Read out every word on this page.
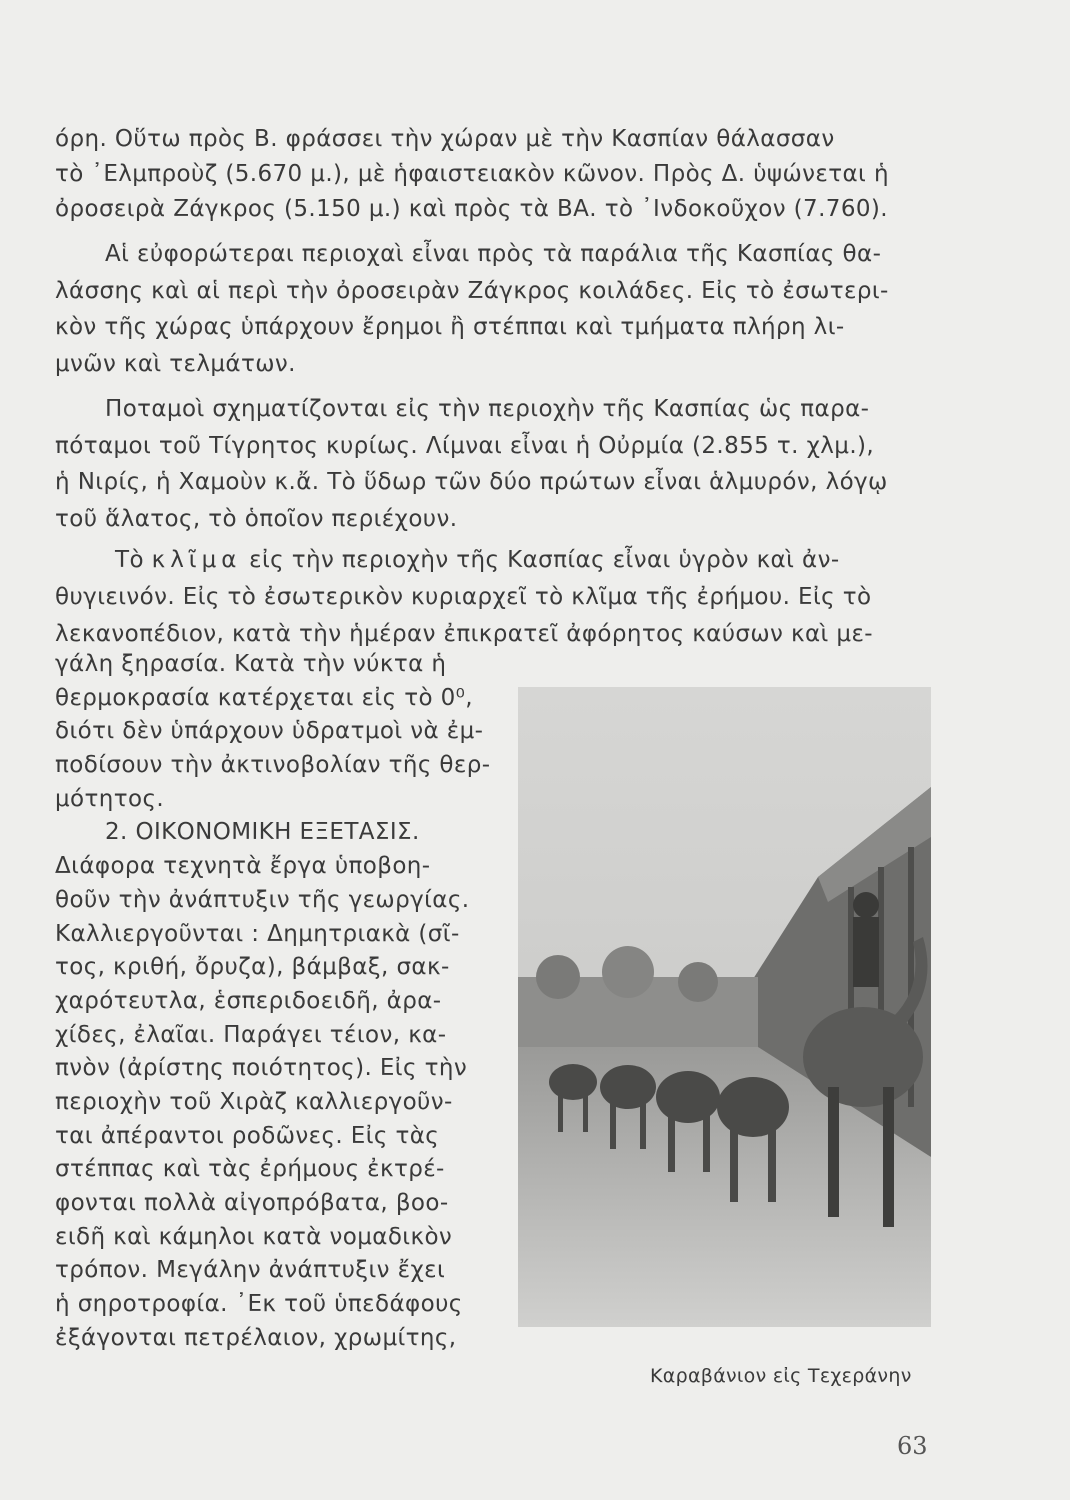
όρη. Οὕτω πρὸς Β. φράσσει τὴν χώραν μὲ τὴν Κασπίαν θάλασσαν
τὸ ᾿Ελμπροὺζ (5.670 μ.), μὲ ἡφαιστειακὸν κῶνον. Πρὸς Δ. ὑψώνεται ἡ
ὀροσειρὰ Ζάγκρος (5.150 μ.) καὶ πρὸς τὰ ΒΑ. τὸ ᾿Ινδοκοῦχον (7.760).
Αἱ εὐφορώτεραι περιοχαὶ εἶναι πρὸς τὰ παράλια τῆς Κασπίας θα-
λάσσης καὶ αἱ περὶ τὴν ὀροσειρὰν Ζάγκρος κοιλάδες. Εἰς τὸ ἐσωτερι-
κὸν τῆς χώρας ὑπάρχουν ἔρημοι ἢ στέππαι καὶ τμήματα πλήρη λι-
μνῶν καὶ τελμάτων.
Ποταμοὶ σχηματίζονται εἰς τὴν περιοχὴν τῆς Κασπίας ὡς παρα-
πόταμοι τοῦ Τίγρητος κυρίως. Λίμναι εἶναι ἡ Οὐρμία (2.855 τ. χλμ.),
ἡ Νιρίς, ἡ Χαμοὺν κ.ἄ. Τὸ ὕδωρ τῶν δύο πρώτων εἶναι ἁλμυρόν, λόγῳ
τοῦ ἅλατος, τὸ ὁποῖον περιέχουν.
Τὸ κλῖμα εἰς τὴν περιοχὴν τῆς Κασπίας εἶναι ὑγρὸν καὶ ἀν-
θυγιεινόν. Εἰς τὸ ἐσωτερικὸν κυριαρχεῖ τὸ κλῖμα τῆς ἐρήμου. Εἰς τὸ
λεκανοπέδιον, κατὰ τὴν ἡμέραν ἐπικρατεῖ ἀφόρητος καύσων καὶ με-
γάλη ξηρασία. Κατὰ τὴν νύκτα ἡ
θερμοκρασία κατέρχεται εἰς τὸ 0⁰,
διότι δὲν ὑπάρχουν ὑδρατμοὶ νὰ ἐμ-
ποδίσουν τὴν ἀκτινοβολίαν τῆς θερ-
μότητος.
2. ΟΙΚΟΝΟΜΙΚΗ ΕΞΕΤΑΣΙΣ.
Διάφορα τεχνητὰ ἔργα ὑποβοη-
θοῦν τὴν ἀνάπτυξιν τῆς γεωργίας.
Καλλιεργοῦνται : Δημητριακὰ (σῖ-
τος, κριθή, ὄρυζα), βάμβαξ, σακ-
χαρότευτλα, ἑσπεριδοειδῆ, ἀρα-
χίδες, ἐλαῖαι. Παράγει τέιον, κα-
πνὸν (ἀρίστης ποιότητος). Εἰς τὴν
περιοχὴν τοῦ Χιρὰζ καλλιεργοῦν-
ται ἀπέραντοι ροδῶνες. Εἰς τὰς
στέππας καὶ τὰς ἐρήμους ἐκτρέ-
φονται πολλὰ αἰγοπρόβατα, βοο-
ειδῆ καὶ κάμηλοι κατὰ νομαδικὸν
τρόπον. Μεγάλην ἀνάπτυξιν ἔχει
ἡ σηροτροφία. ᾿Εκ τοῦ ὑπεδάφους
ἐξάγονται πετρέλαιον, χρωμίτης,
Καραβάνιον εἰς Τεχεράνην
63
